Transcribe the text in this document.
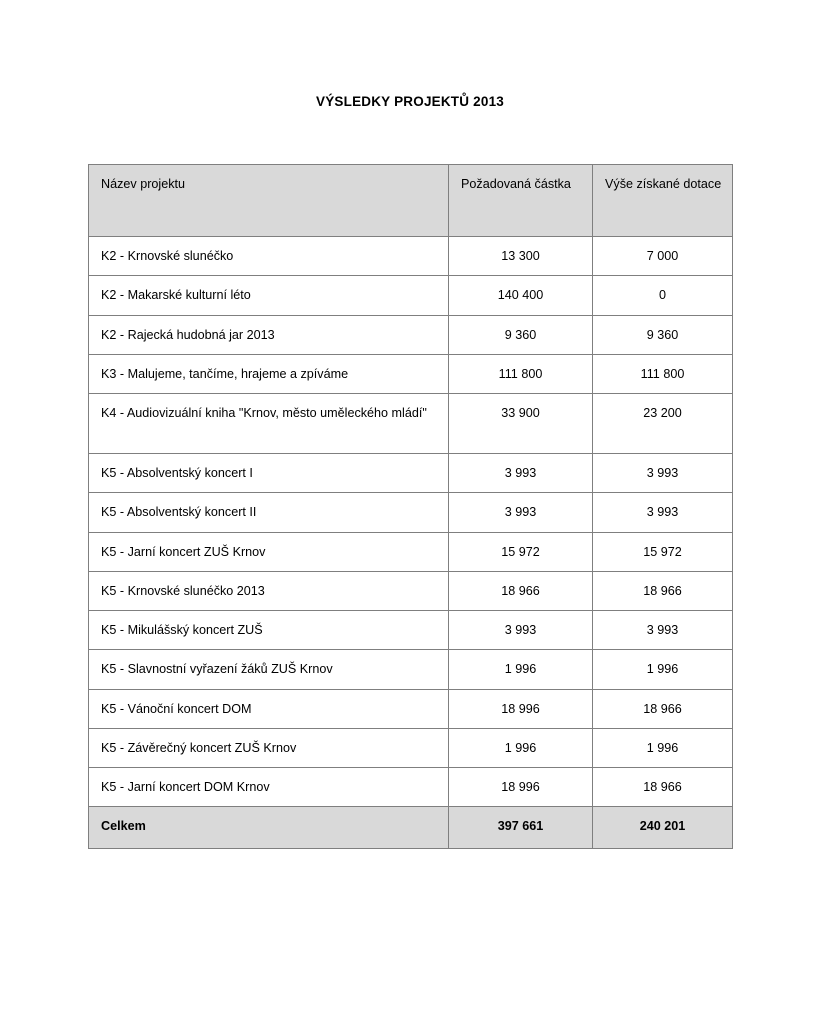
VÝSLEDKY PROJEKTŮ 2013
Název projektu	Požadovaná částka	Výše získané dotace
K2 - Krnovské slunéčko	13 300	7 000
K2 - Makarské kulturní léto	140 400	0
K2 - Rajecká hudobná jar 2013	9 360	9 360
K3 - Malujeme, tančíme, hrajeme a zpíváme	111 800	111 800
K4 - Audiovizuální kniha "Krnov, město uměleckého mládí"	33 900	23 200
K5 - Absolventský koncert I	3 993	3 993
K5 - Absolventský koncert II	3 993	3 993
K5 - Jarní koncert ZUŠ Krnov	15 972	15 972
K5 - Krnovské slunéčko 2013	18 966	18 966
K5 - Mikulášský koncert ZUŠ	3 993	3 993
K5 - Slavnostní vyřazení žáků ZUŠ Krnov	1 996	1 996
K5 - Vánoční koncert DOM	18 996	18 966
K5 - Závěrečný koncert ZUŠ Krnov	1 996	1 996
K5 - Jarní koncert DOM Krnov	18 996	18 966
Celkem	397 661	240 201
